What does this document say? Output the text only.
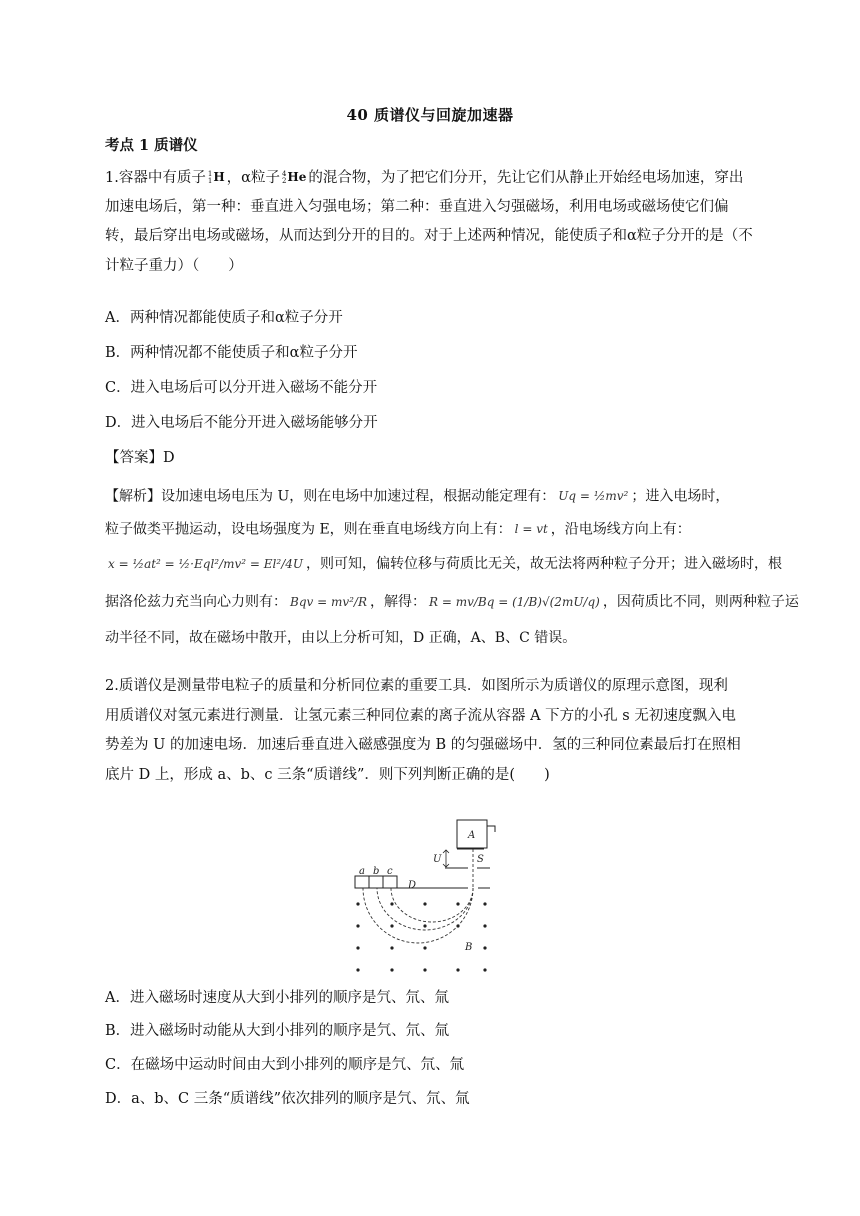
40 质谱仪与回旋加速器
考点 1 质谱仪
1.容器中有质子 1
1 H ，α粒子 4
2 He 的混合物，为了把它们分开，先让它们从静止开始经电场加速，穿出
加速电场后，第一种：垂直进入匀强电场；第二种：垂直进入匀强磁场，利用电场或磁场使它们偏
转，最后穿出电场或磁场，从而达到分开的目的。对于上述两种情况，能使质子和α粒子分开的是（不
计粒子重力）（　　）
A．两种情况都能使质子和α粒子分开
B．两种情况都不能使质子和α粒子分开
C．进入电场后可以分开进入磁场不能分开
D．进入电场后不能分开进入磁场能够分开
【答案】D
【解析】设加速电场电压为 U，则在电场中加速过程，根据动能定理有： Uq = ½mv² ；进入电场时，
粒子做类平抛运动，设电场强度为 E，则在垂直电场线方向上有： l = vt ，沿电场线方向上有：
x = ½at² = ½·Eql²/mv² = El²/4U ，则可知，偏转位移与荷质比无关，故无法将两种粒子分开；进入磁场时，根
据洛伦兹力充当向心力则有： Bqv = mv²/R ，解得： R = mv/Bq = (1/B)√(2mU/q) ，因荷质比不同，则两种粒子运
动半径不同，故在磁场中散开，由以上分析可知，D 正确，A、B、C 错误。
2.质谱仪是测量带电粒子的质量和分析同位素的重要工具．如图所示为质谱仪的原理示意图，现利
用质谱仪对氢元素进行测量．让氢元素三种同位素的离子流从容器 A 下方的小孔 s 无初速度飘入电
势差为 U 的加速电场．加速后垂直进入磁感强度为 B 的匀强磁场中．氢的三种同位素最后打在照相
底片 D 上，形成 a、b、c 三条“质谱线”．则下列判断正确的是(　　)
A
U	S
a b c
D
B
A．进入磁场时速度从大到小排列的顺序是氕、氘、氚
B．进入磁场时动能从大到小排列的顺序是氕、氘、氚
C．在磁场中运动时间由大到小排列的顺序是氕、氘、氚
D．a、b、C 三条“质谱线”依次排列的顺序是氕、氘、氚
